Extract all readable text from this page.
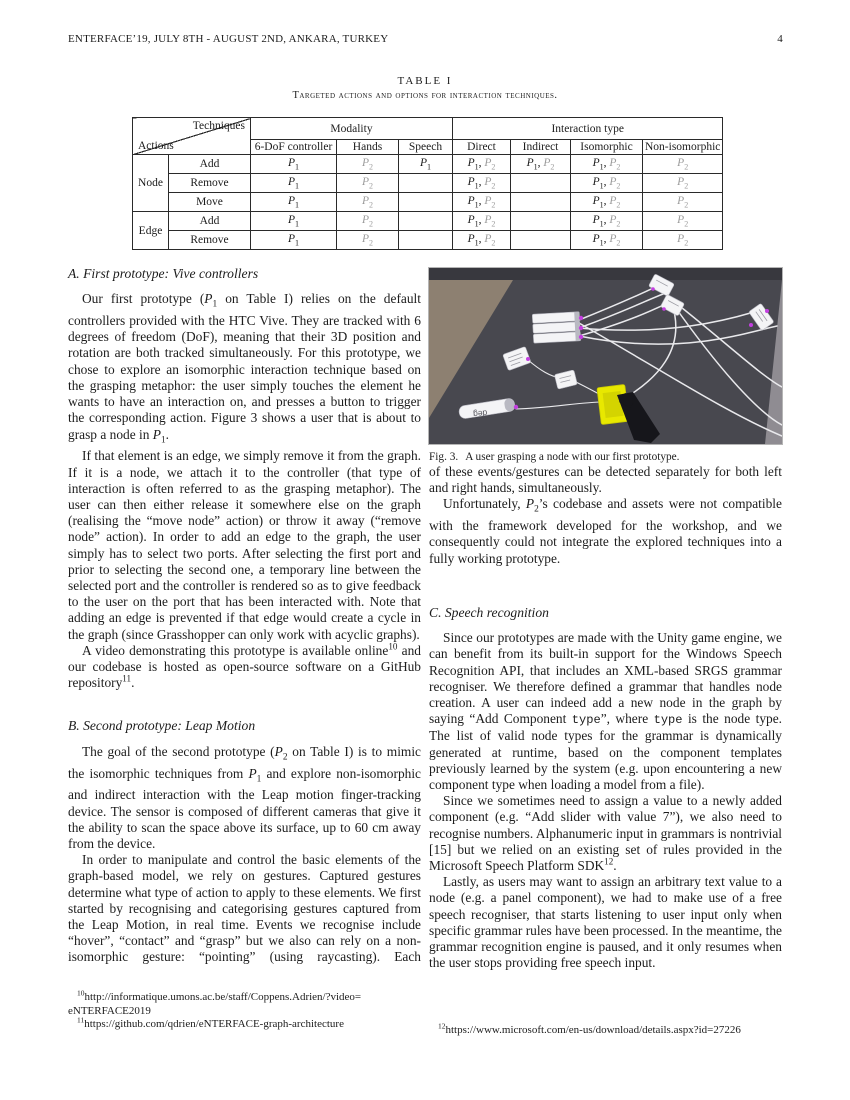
ENTERFACE’19, JULY 8TH - AUGUST 2ND, ANKARA, TURKEY	4
TABLE I
Targeted actions and options for interaction techniques.
Techniques
Actions		Modality			Interaction type			
		6-DoF controller	Hands	Speech	Direct	Indirect	Isomorphic	Non-isomorphic
Node	Add	$P_1$	$P_2$	$P_1$	$P_1$, $P_2$	$P_1$, $P_2$	$P_1$, $P_2$	$P_2$
	Remove	$P_1$	$P_2$		$P_1$, $P_2$		$P_1$, $P_2$	$P_2$
	Move	$P_1$	$P_2$		$P_1$, $P_2$		$P_1$, $P_2$	$P_2$
Edge	Add	$P_1$	$P_2$		$P_1$, $P_2$		$P_1$, $P_2$	$P_2$
	Remove	$P_1$	$P_2$		$P_1$, $P_2$		$P_1$, $P_2$	$P_2$
A. First prototype: Vive controllers

Our first prototype ($P_1$ on Table I) relies on the default controllers provided with the HTC Vive. They are tracked with 6 degrees of freedom (DoF), meaning that their 3D position and rotation are both tracked simultaneously. For this prototype, we chose to explore an isomorphic interaction technique based on the grasping metaphor: the user simply touches the element he wants to have an interaction on, and presses a button to trigger the corresponding action. Figure 3 shows a user that is about to grasp a node in $P_1$.

If that element is an edge, we simply remove it from the graph. If it is a node, we attach it to the controller (that type of interaction is often referred to as the grasping metaphor). The user can then either release it somewhere else on the graph (realising the “move node” action) or throw it away (“remove node” action). In order to add an edge to the graph, the user simply has to select two ports. After selecting the first port and prior to selecting the second one, a temporary line between the selected port and the controller is rendered so as to give feedback to the user on the port that has been interacted with. Note that adding an edge is prevented if that edge would create a cycle in the graph (since Grasshopper can only work with acyclic graphs).

A video demonstrating this prototype is available online$^{10}$ and our codebase is hosted as open-source software on a GitHub repository$^{11}$.

B. Second prototype: Leap Motion

The goal of the second prototype ($P_2$ on Table I) is to mimic the isomorphic techniques from $P_1$ and explore non-isomorphic and indirect interaction with the Leap motion finger-tracking device. The sensor is composed of different cameras that give it the ability to scan the space above its surface, up to 60 cm away from the device.

In order to manipulate and control the basic elements of the graph-based model, we rely on gestures. Captured gestures determine what type of action to apply to these elements. We first started by recognising and categorising gestures captured from the Leap Motion, in real time. Events we recognise include “hover”, “contact” and “grasp” but we also can rely on a non-isomorphic gesture: “pointing” (using raycasting). Each

deg
Fig. 3. A user grasping a node with our first prototype.

of these events/gestures can be detected separately for both left and right hands, simultaneously.

Unfortunately, $P_2’s$ codebase and assets were not compatible with the framework developed for the workshop, and we consequently could not integrate the explored techniques into a fully working prototype.

C. Speech recognition

Since our prototypes are made with the Unity game engine, we can benefit from its built-in support for the Windows Speech Recognition API, that includes an XML-based SRGS grammar recogniser. We therefore defined a grammar that handles node creation. A user can indeed add a new node in the graph by saying “Add Component type”, where type is the node type. The list of valid node types for the grammar is dynamically generated at runtime, based on the component templates previously learned by the system (e.g. upon encountering a new component type when loading a model from a file).

Since we sometimes need to assign a value to a newly added component (e.g. “Add slider with value 7”), we also need to recognise numbers. Alphanumeric input in grammars is nontrivial [15] but we relied on an existing set of rules provided in the Microsoft Speech Platform SDK$^{12}$.

Lastly, as users may want to assign an arbitrary text value to a node (e.g. a panel component), we had to make use of a free speech recogniser, that starts listening to user input only when specific grammar rules have been processed. In the meantime, the grammar recognition engine is paused, and it only resumes when the user stops providing free speech input.

$^{10}$http://informatique.umons.ac.be/staff/Coppens.Adrien/?video= eNTERFACE2019
$^{11}$https://github.com/qdrien/eNTERFACE-graph-architecture	$^{12}$https://www.microsoft.com/en-us/download/details.aspx?id=27226
